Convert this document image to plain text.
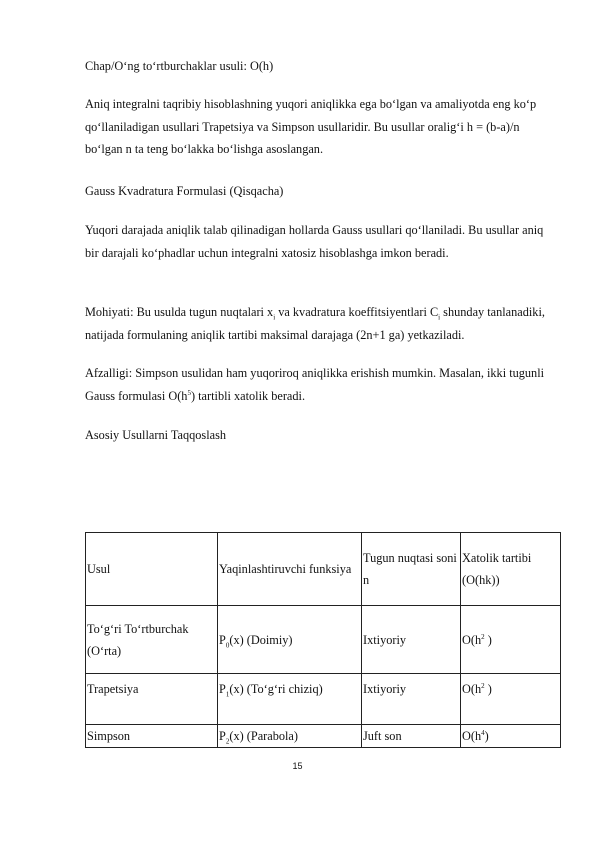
Chap/O‘ng to‘rtburchaklar usuli: O(h)

Aniq integralni taqribiy hisoblashning yuqori aniqlikka ega bo‘lgan va amaliyotda eng ko‘p qo‘llaniladigan usullari Trapetsiya va Simpson usullaridir. Bu usullar oralig‘i h = (b-a)/n bo‘lgan n ta teng bo‘lakka bo‘lishga asoslangan.

Gauss Kvadratura Formulasi (Qisqacha)

Yuqori darajada aniqlik talab qilinadigan hollarda Gauss usullari qo‘llaniladi. Bu usullar aniq bir darajali ko‘phadlar uchun integralni xatosiz hisoblashga imkon beradi.

Mohiyati: Bu usulda tugun nuqtalari $x_i$ va kvadratura koeffitsiyentlari $C_i$ shunday tanlanadiki, natijada formulaning aniqlik tartibi maksimal darajaga (2n+1 ga) yetkaziladi.

Afzalligi: Simpson usulidan ham yuqoriroq aniqlikka erishish mumkin. Masalan, ikki tugunli Gauss formulasi $O(h^5)$ tartibli xatolik beradi.

Asosiy Usullarni Taqqoslash

Usul	Yaqinlashtiruvchi funksiya	Tugun nuqtasi soni n	Xatolik tartibi (O(hk))
To‘g‘ri To‘rtburchak (O‘rta)	$P_0(x)$ (Doimiy)	Ixtiyoriy	$O(h^2$ )
Trapetsiya	$P_1(x)$ (To‘g‘ri chiziq)	Ixtiyoriy	$O(h^2$ )
Simpson	$P_2(x)$ (Parabola)	Juft son	$O(h^4)$
15
